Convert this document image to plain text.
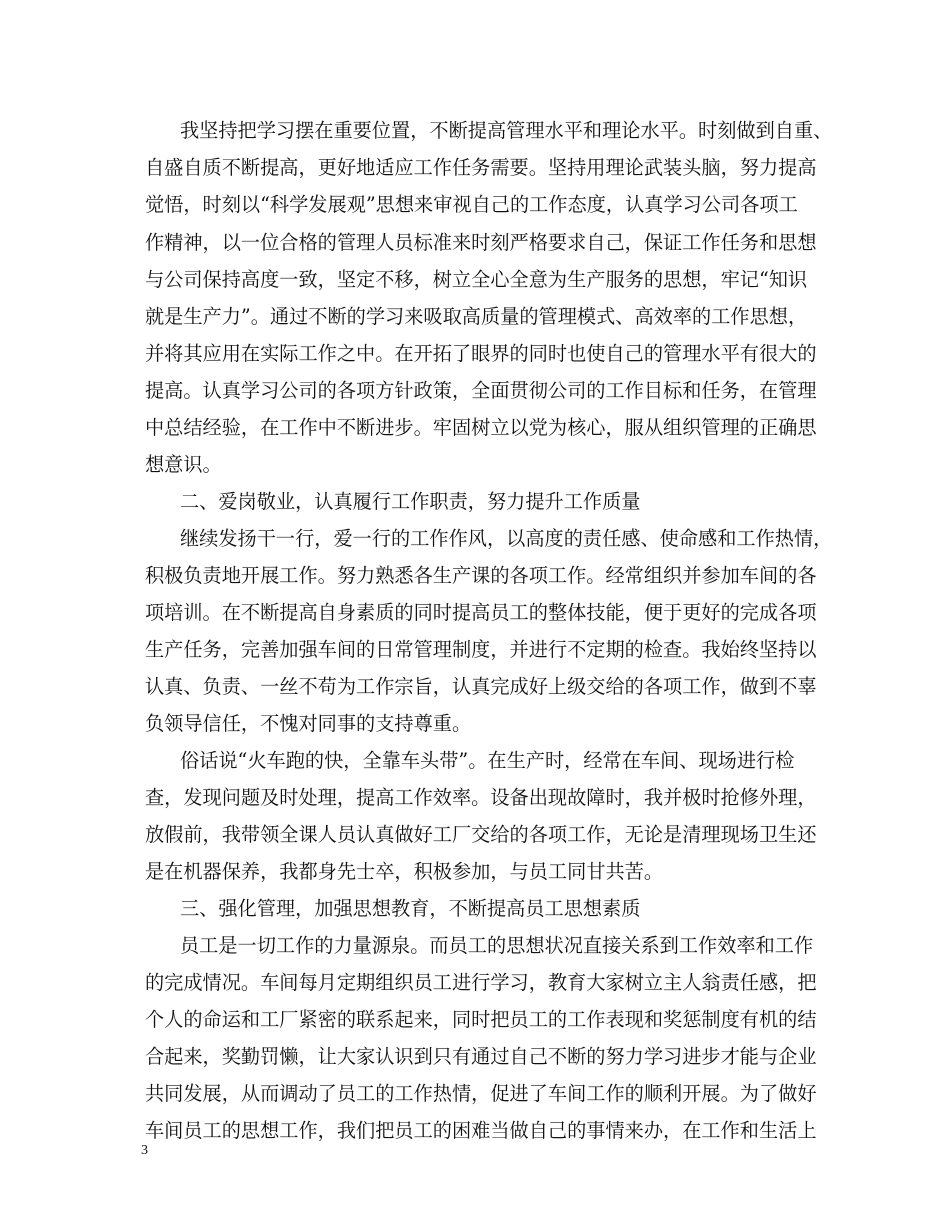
我坚持把学习摆在重要位置，不断提高管理水平和理论水平。时刻做到自重、
自盛自质不断提高，更好地适应工作任务需要。坚持用理论武装头脑，努力提高
觉悟，时刻以“科学发展观”思想来审视自己的工作态度，认真学习公司各项工
作精神，以一位合格的管理人员标准来时刻严格要求自己，保证工作任务和思想
与公司保持高度一致，坚定不移，树立全心全意为生产服务的思想，牢记“知识
就是生产力”。通过不断的学习来吸取高质量的管理模式、高效率的工作思想，
并将其应用在实际工作之中。在开拓了眼界的同时也使自己的管理水平有很大的
提高。认真学习公司的各项方针政策，全面贯彻公司的工作目标和任务，在管理
中总结经验，在工作中不断进步。牢固树立以党为核心，服从组织管理的正确思
想意识。
二、爱岗敬业，认真履行工作职责，努力提升工作质量
继续发扬干一行，爱一行的工作作风，以高度的责任感、使命感和工作热情，
积极负责地开展工作。努力熟悉各生产课的各项工作。经常组织并参加车间的各
项培训。在不断提高自身素质的同时提高员工的整体技能，便于更好的完成各项
生产任务，完善加强车间的日常管理制度，并进行不定期的检查。我始终坚持以
认真、负责、一丝不苟为工作宗旨，认真完成好上级交给的各项工作，做到不辜
负领导信任，不愧对同事的支持尊重。
俗话说“火车跑的快，全靠车头带”。在生产时，经常在车间、现场进行检
查，发现问题及时处理，提高工作效率。设备出现故障时，我并极时抢修外理，
放假前，我带领全课人员认真做好工厂交给的各项工作，无论是清理现场卫生还
是在机器保养，我都身先士卒，积极参加，与员工同甘共苦。
三、强化管理，加强思想教育，不断提高员工思想素质
员工是一切工作的力量源泉。而员工的思想状况直接关系到工作效率和工作
的完成情况。车间每月定期组织员工进行学习，教育大家树立主人翁责任感，把
个人的命运和工厂紧密的联系起来，同时把员工的工作表现和奖惩制度有机的结
合起来，奖勤罚懒，让大家认识到只有通过自己不断的努力学习进步才能与企业
共同发展，从而调动了员工的工作热情，促进了车间工作的顺利开展。为了做好
车间员工的思想工作，我们把员工的困难当做自己的事情来办，在工作和生活上
3
